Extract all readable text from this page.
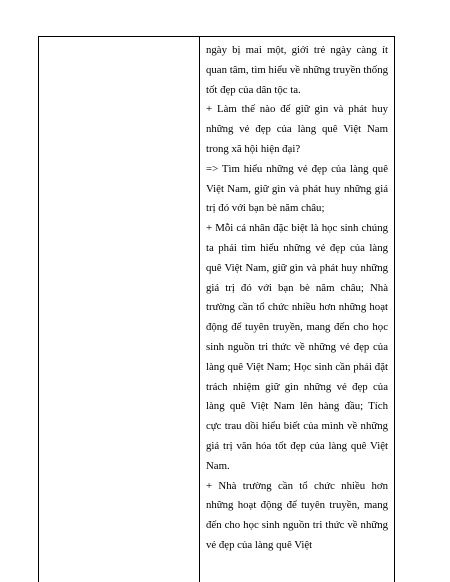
ngày bị mai một, giới trẻ ngày càng ít quan tâm, tìm hiểu về những truyền thống tốt đẹp của dân tộc ta.

+ Làm thế nào để giữ gìn và phát huy những vẻ đẹp của làng quê Việt Nam trong xã hội hiện đại?

=> Tìm hiểu những vẻ đẹp của làng quê Việt Nam, giữ gìn và phát huy những giá trị đó với bạn bè năm châu;

+ Mỗi cá nhân đặc biệt là học sinh chúng ta phải tìm hiểu những vẻ đẹp của làng quê Việt Nam, giữ gìn và phát huy những giá trị đó với bạn bè năm châu; Nhà trường cần tổ chức nhiều hơn những hoạt động để tuyên truyền, mang đến cho học sinh nguồn tri thức về những vẻ đẹp của làng quê Việt Nam; Học sinh cần phải đặt trách nhiệm giữ gìn những vẻ đẹp của làng quê Việt Nam lên hàng đầu; Tích cực trau dồi hiểu biết của mình về những giá trị văn hóa tốt đẹp của làng quê Việt Nam.

+ Nhà trường cần tổ chức nhiều hơn những hoạt động để tuyên truyền, mang đến cho học sinh nguồn tri thức về những vẻ đẹp của làng quê Việt
